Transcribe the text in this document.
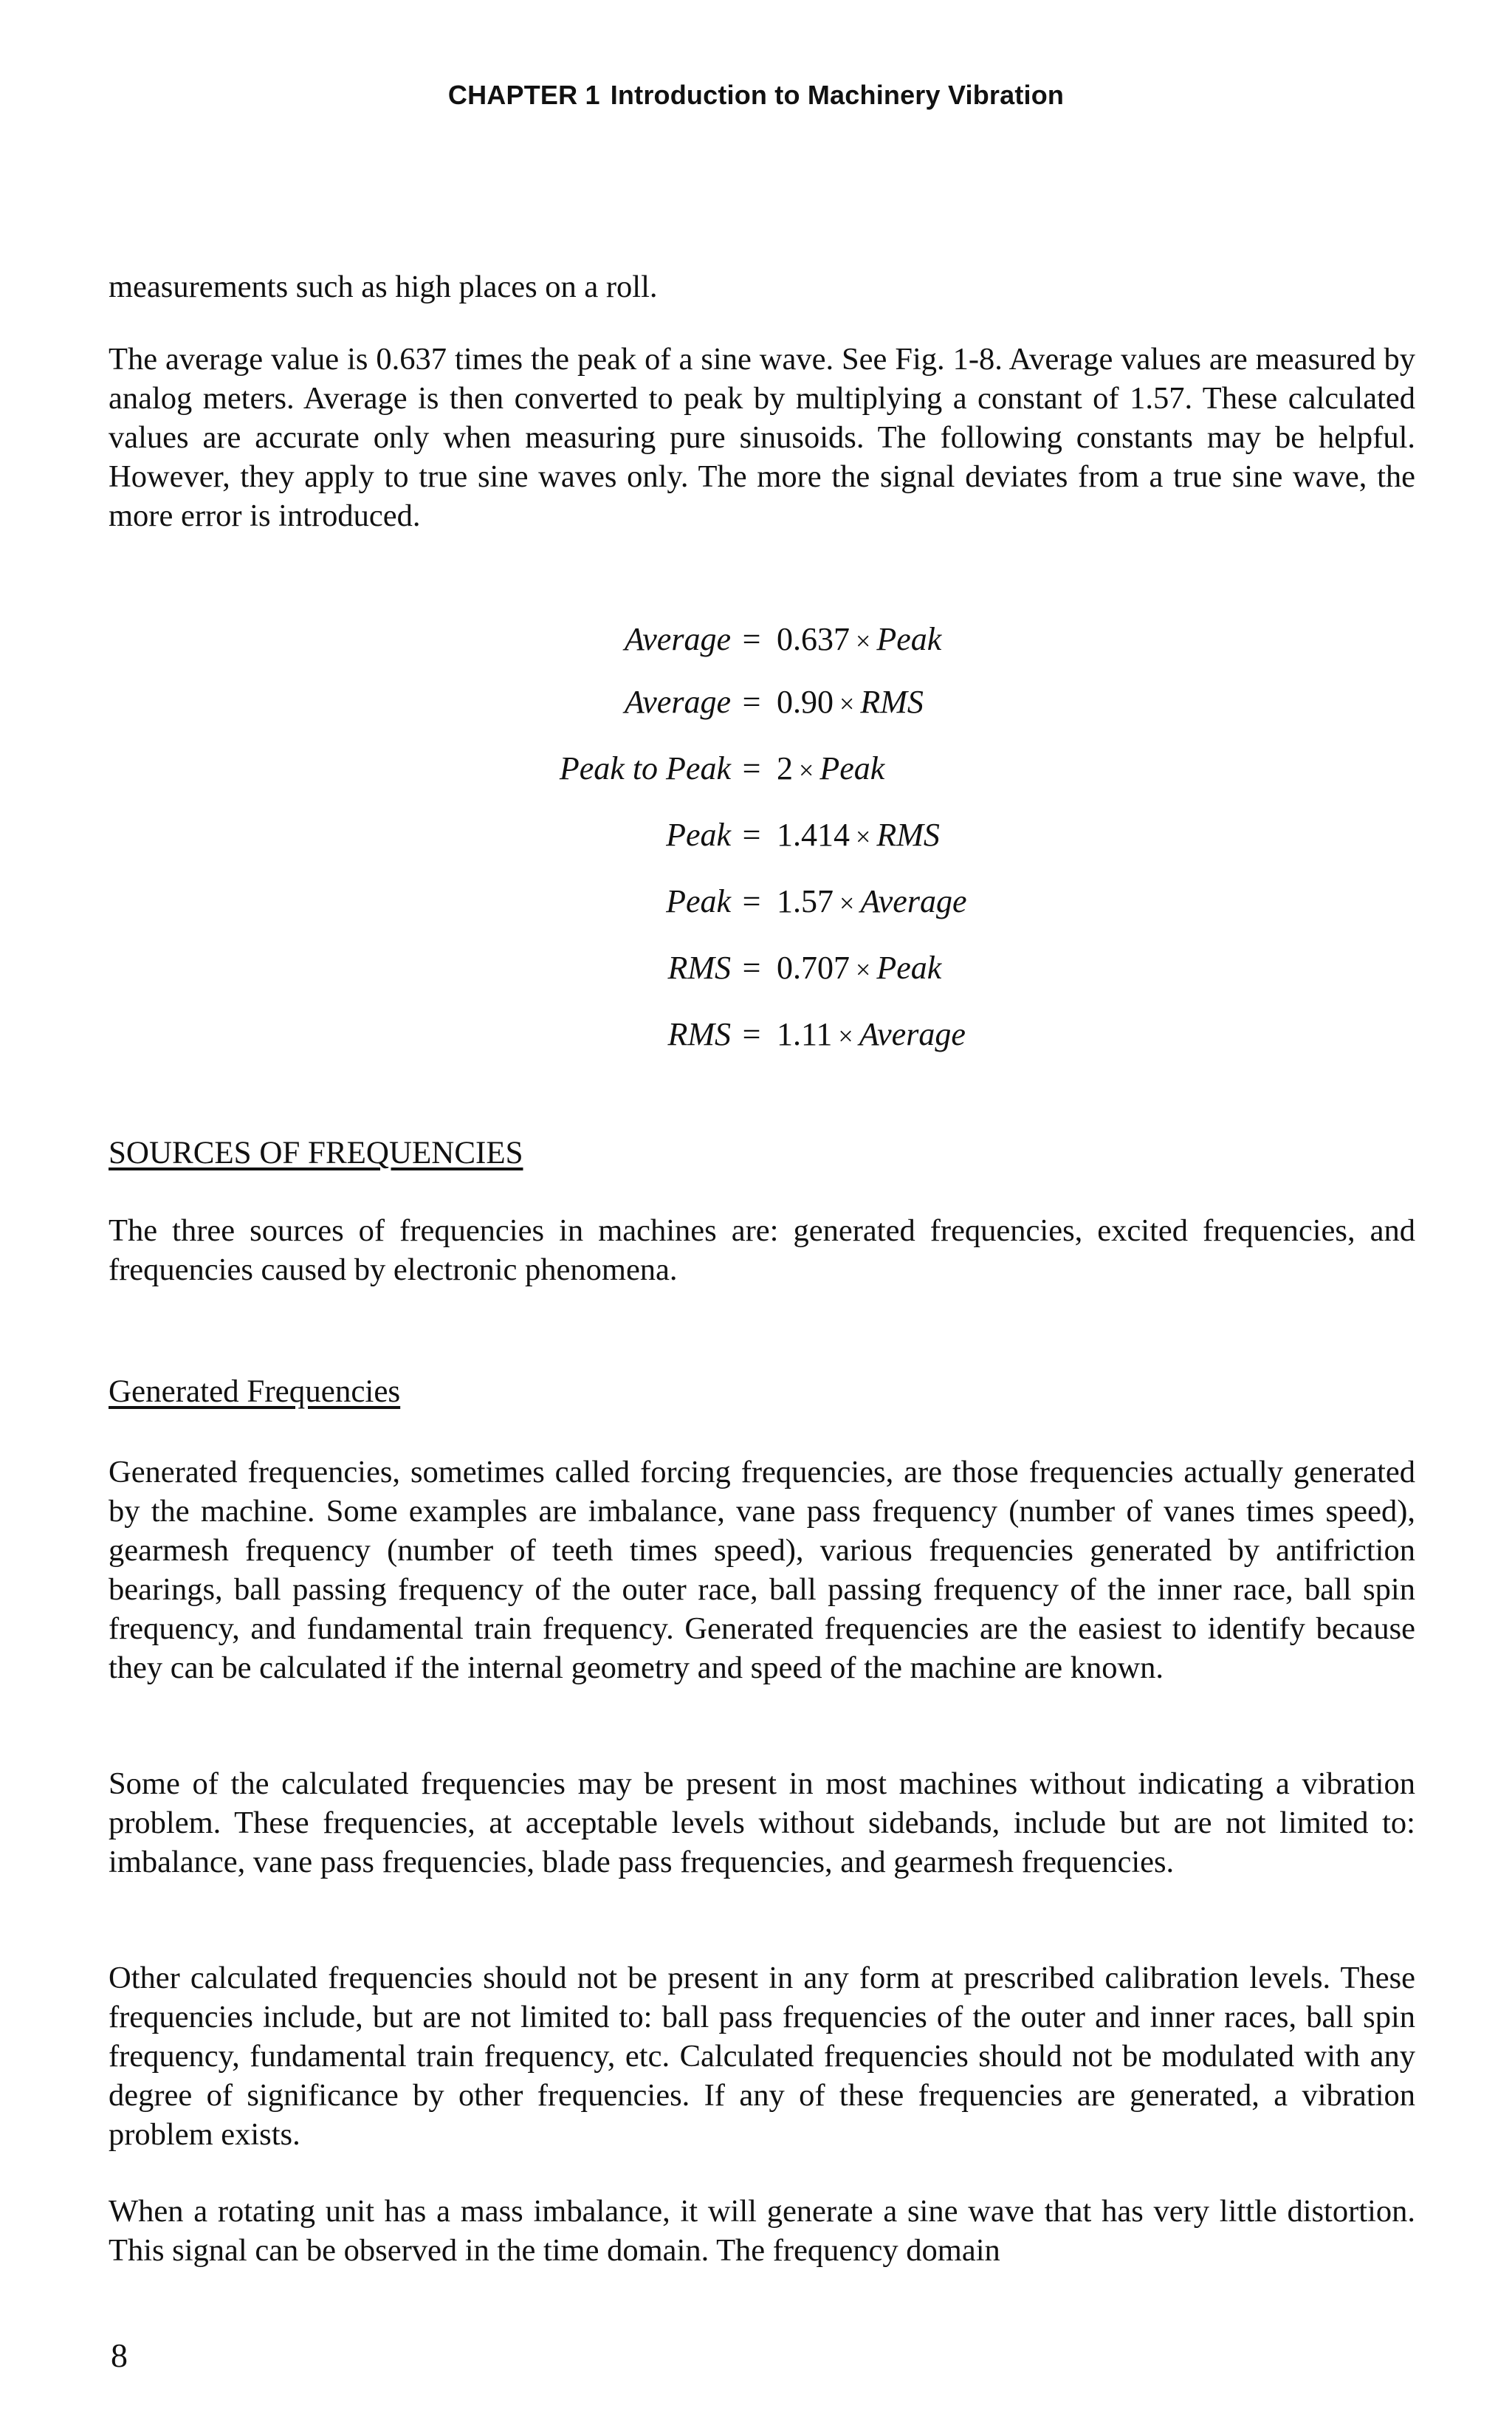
CHAPTER 1 Introduction to Machinery Vibration

measurements such as high places on a roll.

The average value is 0.637 times the peak of a sine wave. See Fig. 1-8. Average values are measured by analog meters. Average is then converted to peak by multiplying a constant of 1.57. These calculated values are accurate only when measuring pure sinusoids. The following constants may be helpful. However, they apply to true sine waves only. The more the signal deviates from a true sine wave, the more error is introduced.

Average = 0.637 × Peak
Average = 0.90 × RMS
Peak to Peak = 2 × Peak
Peak = 1.414 × RMS
Peak = 1.57 × Average
RMS = 0.707 × Peak
RMS = 1.11 × Average
SOURCES OF FREQUENCIES

The three sources of frequencies in machines are: generated frequencies, excited frequencies, and frequencies caused by electronic phenomena.

Generated Frequencies

Generated frequencies, sometimes called forcing frequencies, are those frequencies actually generated by the machine. Some examples are imbalance, vane pass frequency (number of vanes times speed), gearmesh frequency (number of teeth times speed), various frequencies generated by antifriction bearings, ball passing frequency of the outer race, ball passing frequency of the inner race, ball spin frequency, and fundamental train frequency. Generated frequencies are the easiest to identify because they can be calculated if the internal geometry and speed of the machine are known.

Some of the calculated frequencies may be present in most machines without indicating a vibration problem. These frequencies, at acceptable levels without sidebands, include but are not limited to: imbalance, vane pass frequencies, blade pass frequencies, and gearmesh frequencies.

Other calculated frequencies should not be present in any form at prescribed calibration levels. These frequencies include, but are not limited to: ball pass frequencies of the outer and inner races, ball spin frequency, fundamental train frequency, etc. Calculated frequencies should not be modulated with any degree of significance by other frequencies. If any of these frequencies are generated, a vibration problem exists.

When a rotating unit has a mass imbalance, it will generate a sine wave that has very little distortion. This signal can be observed in the time domain. The frequency domain

8
